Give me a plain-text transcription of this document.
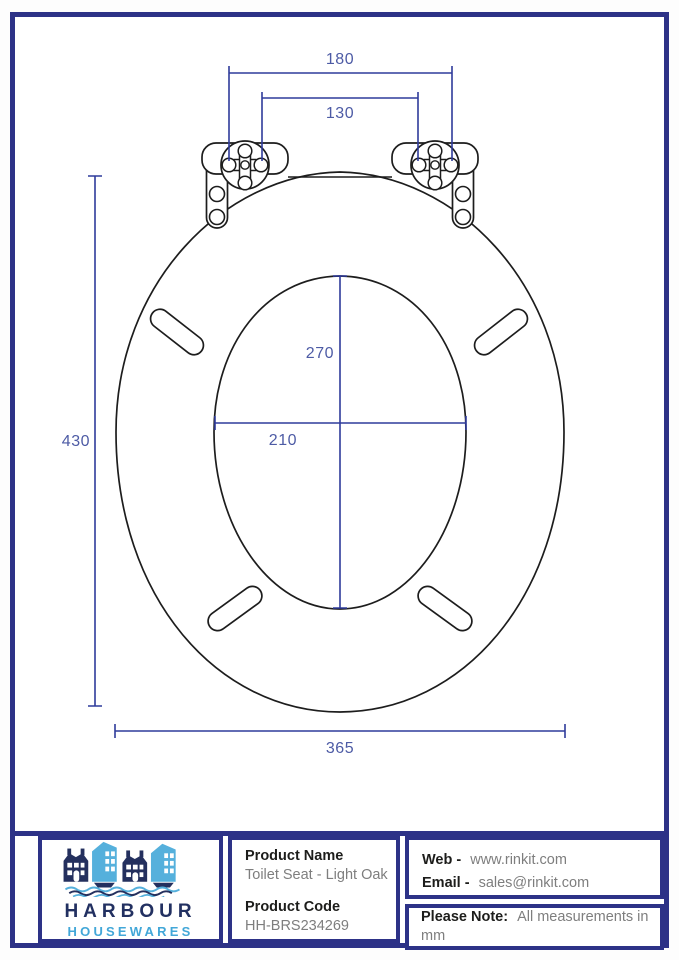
180
130
270
210
430
365
HARBOUR
HOUSEWARES
Product Name
Toilet Seat - Light Oak
Product Code
HH-BRS234269
Web - www.rinkit.com
Email - sales@rinkit.com
Please Note: All measurements in mm
